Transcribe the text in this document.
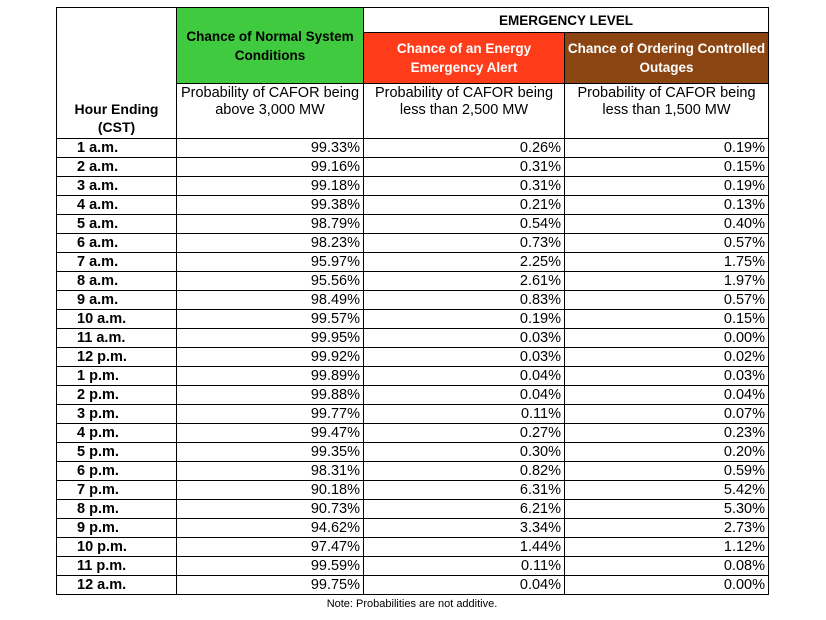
Hour Ending (CST)	Chance of Normal System Conditions	EMERGENCY LEVEL	
		Chance of an Energy Emergency Alert	Chance of Ordering Controlled Outages
	Probability of CAFOR being above 3,000 MW	Probability of CAFOR being less than 2,500 MW	Probability of CAFOR being less than 1,500 MW
1 a.m.	99.33%	0.26%	0.19%
2 a.m.	99.16%	0.31%	0.15%
3 a.m.	99.18%	0.31%	0.19%
4 a.m.	99.38%	0.21%	0.13%
5 a.m.	98.79%	0.54%	0.40%
6 a.m.	98.23%	0.73%	0.57%
7 a.m.	95.97%	2.25%	1.75%
8 a.m.	95.56%	2.61%	1.97%
9 a.m.	98.49%	0.83%	0.57%
10 a.m.	99.57%	0.19%	0.15%
11 a.m.	99.95%	0.03%	0.00%
12 p.m.	99.92%	0.03%	0.02%
1 p.m.	99.89%	0.04%	0.03%
2 p.m.	99.88%	0.04%	0.04%
3 p.m.	99.77%	0.11%	0.07%
4 p.m.	99.47%	0.27%	0.23%
5 p.m.	99.35%	0.30%	0.20%
6 p.m.	98.31%	0.82%	0.59%
7 p.m.	90.18%	6.31%	5.42%
8 p.m.	90.73%	6.21%	5.30%
9 p.m.	94.62%	3.34%	2.73%
10 p.m.	97.47%	1.44%	1.12%
11 p.m.	99.59%	0.11%	0.08%
12 a.m.	99.75%	0.04%	0.00%
Note: Probabilities are not additive.
